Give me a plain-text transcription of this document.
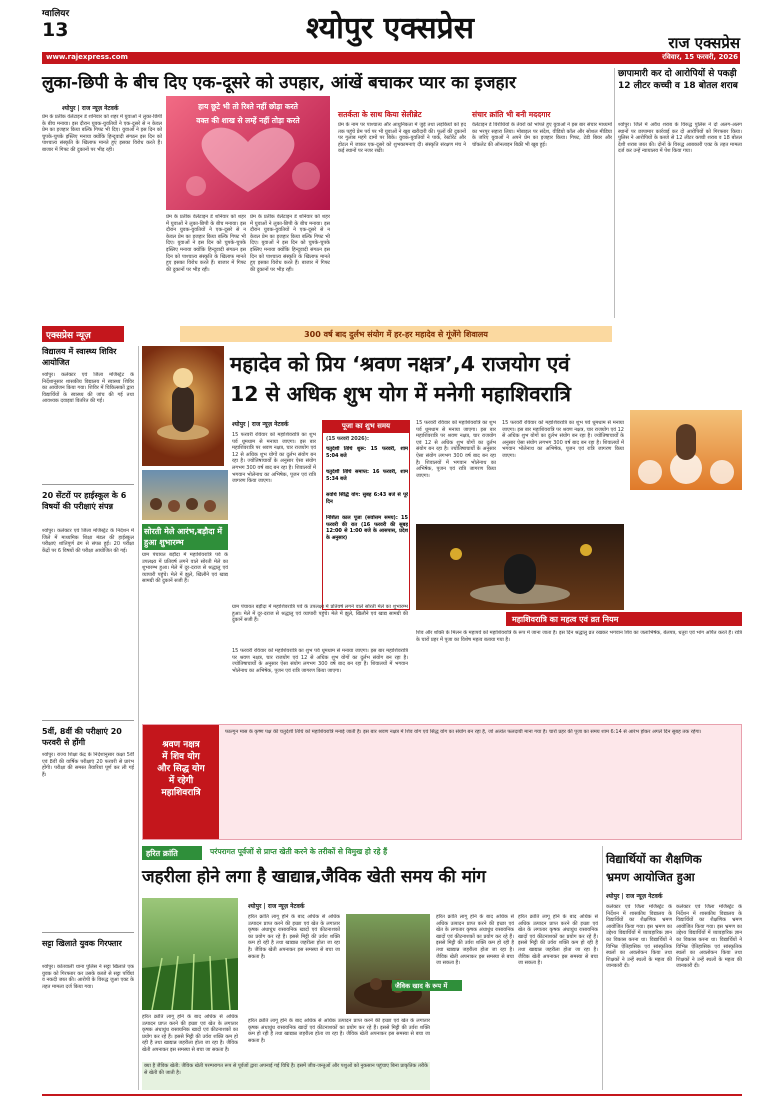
ग्वालियर
13	श्योपुर एक्सप्रेस	राज एक्सप्रेस
www.rajexpress.com	रविवार, 15 फरवरी, 2026
लुका-छिपी के बीच दिए एक-दूसरे को उपहार, आंखें बचाकर प्यार का इजहार
श्योपुर | राज न्यूज़ नेटवर्क
प्रेम के प्रतीक वेलेंटाइन डे शनिवार को शहर में युवाओं ने लुका-छिपी के बीच मनाया। इस दौरान युवक-युवतियों ने एक-दूसरे से न केवल प्रेम का इजहार किया बल्कि गिफ्ट भी दिए। युवाओं ने इस दिन को चुपके-चुपके इस्लिए मनाया क्योंकि हिन्दूवादी संगठन इस दिन को पाश्चात्य संस्कृति के खिलाफ मानते हुए इसका विरोध करते हैं। बाजार में गिफ्ट की दुकानों पर भीड़ रही।
हाय छूटे भी तो रिश्ते नहीं छोड़ा करते
वक्त की शाख से लम्हें नहीं तोड़ा करते
प्रेम के प्रतीक वेलेंटाइन डे शनिवार को शहर में युवाओं ने लुका-छिपी के बीच मनाया। इस दौरान युवक-युवतियों ने एक-दूसरे से न केवल प्रेम का इजहार किया बल्कि गिफ्ट भी दिए। युवाओं ने इस दिन को चुपके-चुपके इस्लिए मनाया क्योंकि हिन्दूवादी संगठन इस दिन को पाश्चात्य संस्कृति के खिलाफ मानते हुए इसका विरोध करते हैं। बाजार में गिफ्ट की दुकानों पर भीड़ रही।
प्रेम के प्रतीक वेलेंटाइन डे शनिवार को शहर में युवाओं ने लुका-छिपी के बीच मनाया। इस दौरान युवक-युवतियों ने एक-दूसरे से न केवल प्रेम का इजहार किया बल्कि गिफ्ट भी दिए। युवाओं ने इस दिन को चुपके-चुपके इस्लिए मनाया क्योंकि हिन्दूवादी संगठन इस दिन को पाश्चात्य संस्कृति के खिलाफ मानते हुए इसका विरोध करते हैं। बाजार में गिफ्ट की दुकानों पर भीड़ रही।
सतर्कता के साथ किया सेलीब्रेट
प्रेम के नाम पर पाश्चात्य और आधुनिकता में जुड़े तथा लड़कियों को हद तक पहुंचे प्रेम पर्व पर भी युवाओं ने खूब खरीदारी की। फूलों की दुकानों पर गुलाब महंगे दामों पर बिके। युवक-युवतियों ने पार्क, रेस्टोरेंट और होटल में जाकर एक-दूसरे को शुभकामनाएं दीं। संस्कृति संरक्षण मंच ने कई स्थानों पर नजर रखी।
संचार क्रांति भी बनी मददगार
वेलेंटाइन डे विरोधियों के तेवरों को भांपते हुए युवाओं ने इस बार संचार माध्यमों का भरपूर सहारा लिया। मोबाइल पर संदेश, वीडियो कॉल और सोशल मीडिया के जरिए युवाओं ने अपने प्रेम का इजहार किया। गिफ्ट, टेडी बियर और चॉकलेट की ऑनलाइन बिक्री भी खूब हुई।
छापामारी कर दो आरोपियों से पकड़ी 12 लीटर कच्ची व 18 बोतल शराब
श्योपुर। जिले में अवैध शराब के विरुद्ध पुलिस ने दो अलग-अलग स्थानों पर छापामार कार्रवाई कर दो आरोपियों को गिरफ्तार किया। पुलिस ने आरोपियों के कब्जे से 12 लीटर कच्ची शराब व 18 बोतल देशी शराब जब्त की। दोनों के विरुद्ध आबकारी एक्ट के तहत मामला दर्ज कर उन्हें न्यायालय में पेश किया गया।
एक्सप्रेस न्यूज़	300 वर्ष बाद दुर्लभ संयोग में हर-हर महादेव से गूंजेंगे शिवालय
विद्यालय में स्वास्थ्य शिविर आयोजित
श्योपुर। कलेक्टर एवं जिला मजिस्ट्रेट के निर्देशानुसार शासकीय विद्यालय में स्वास्थ्य शिविर का आयोजन किया गया। शिविर में चिकित्सकों द्वारा विद्यार्थियों के स्वास्थ्य की जांच की गई तथा आवश्यक दवाइयां वितरित की गईं।
20 सेंटरों पर हाईस्कूल के 6 विषयों की परीक्षाएं संपन्न
श्योपुर। कलेक्टर एवं जिला मजिस्ट्रेट के निर्देशन में जिले में माध्यमिक शिक्षा मंडल की हाईस्कूल परीक्षाएं शांतिपूर्ण ढंग से संपन्न हुईं। 20 परीक्षा केंद्रों पर 6 विषयों की परीक्षा आयोजित की गई।
5वीं, 8वीं की परीक्षाएं 20 फरवरी से होंगी
श्योपुर। राज्य शिक्षा केंद्र के निर्देशानुसार कक्षा 5वीं एवं 8वीं की वार्षिक परीक्षाएं 20 फरवरी से प्रारंभ होंगी। परीक्षा की समस्त तैयारियां पूर्ण कर ली गई हैं।
सट्टा खिलाते युवक गिरफ्तार
श्योपुर। कोतवाली थाना पुलिस ने सट्टा खिलाते एक युवक को गिरफ्तार कर उसके कब्जे से सट्टा पर्चियां व नकदी जब्त की। आरोपी के विरुद्ध जुआ एक्ट के तहत मामला दर्ज किया गया।
महादेव को प्रिय ‘श्रवण नक्षत्र’,4 राजयोग एवं
12 से अधिक शुभ योग में मनेगी महाशिवरात्रि
श्योपुर | राज न्यूज़ नेटवर्क
15 फरवरी रविवार को महाशिवरात्रि का शुभ पर्व धूमधाम से मनाया जाएगा। इस बार महाशिवरात्रि पर श्रवण नक्षत्र, चार राजयोग एवं 12 से अधिक शुभ योगों का दुर्लभ संयोग बन रहा है। ज्योतिषाचार्यों के अनुसार ऐसा संयोग लगभग 300 वर्ष बाद बन रहा है। शिवालयों में भगवान भोलेनाथ का अभिषेक, पूजन एवं रात्रि जागरण किया जाएगा।
पूजा का शुभ समय
(15 फरवरी 2026):
चतुर्दशी तिथि शुरू: 15 फरवरी, शाम 5:04 बजे
चतुर्दशी तिथि समाप्त: 16 फरवरी, शाम 5:34 बजे
सर्वार्थ सिद्धि योग: सुबह 6:43 बजे से पूरे दिन
निशिता काल पूजा (सर्वोत्तम समय): 15 फरवरी की रात (16 फरवरी की सुबह 12:00 से 1:00 बजे के आसपास, प्रदेश के अनुसार)
15 फरवरी रविवार को महाशिवरात्रि का शुभ पर्व धूमधाम से मनाया जाएगा। इस बार महाशिवरात्रि पर श्रवण नक्षत्र, चार राजयोग एवं 12 से अधिक शुभ योगों का दुर्लभ संयोग बन रहा है। ज्योतिषाचार्यों के अनुसार ऐसा संयोग लगभग 300 वर्ष बाद बन रहा है। शिवालयों में भगवान भोलेनाथ का अभिषेक, पूजन एवं रात्रि जागरण किया जाएगा।
15 फरवरी रविवार को महाशिवरात्रि का शुभ पर्व धूमधाम से मनाया जाएगा। इस बार महाशिवरात्रि पर श्रवण नक्षत्र, चार राजयोग एवं 12 से अधिक शुभ योगों का दुर्लभ संयोग बन रहा है। ज्योतिषाचार्यों के अनुसार ऐसा संयोग लगभग 300 वर्ष बाद बन रहा है। शिवालयों में भगवान भोलेनाथ का अभिषेक, पूजन एवं रात्रि जागरण किया जाएगा।
सोरती मेले आरंभ,बड़ौदा में हुआ शुभारम्भ
ग्राम पंचायत बड़ौदा में महाशिवरात्रि पर्व के उपलक्ष्य में प्रतिवर्ष लगने वाले सोरती मेले का शुभारम्भ हुआ। मेले में दूर-दराज से श्रद्धालु एवं व्यापारी पहुंचे। मेले में झूले, खिलौने एवं खाद्य सामग्री की दुकानें सजी हैं।
ग्राम पंचायत बड़ौदा में महाशिवरात्रि पर्व के उपलक्ष्य में प्रतिवर्ष लगने वाले सोरती मेले का शुभारम्भ हुआ। मेले में दूर-दराज से श्रद्धालु एवं व्यापारी पहुंचे। मेले में झूले, खिलौने एवं खाद्य सामग्री की दुकानें सजी हैं।	महाशिवरात्रि का महत्व एवं व्रत नियम
शिव और शक्ति के मिलन के महापर्व को महाशिवरात्रि के रूप में जाना जाता है। इस दिन श्रद्धालु व्रत रखकर भगवान शिव का जलाभिषेक, बेलपत्र, धतूरा एवं भांग अर्पित करते हैं। रात्रि के चारों प्रहर में पूजा का विशेष महत्व बताया गया है।
15 फरवरी रविवार को महाशिवरात्रि का शुभ पर्व धूमधाम से मनाया जाएगा। इस बार महाशिवरात्रि पर श्रवण नक्षत्र, चार राजयोग एवं 12 से अधिक शुभ योगों का दुर्लभ संयोग बन रहा है। ज्योतिषाचार्यों के अनुसार ऐसा संयोग लगभग 300 वर्ष बाद बन रहा है। शिवालयों में भगवान भोलेनाथ का अभिषेक, पूजन एवं रात्रि जागरण किया जाएगा।
श्रवण नक्षत्र
में शिव योग
और सिद्ध योग
में रहेगी
महाशिवरात्रि
फाल्गुन मास के कृष्ण पक्ष की चतुर्दशी तिथि को महाशिवरात्रि मनाई जाती है। इस बार श्रवण नक्षत्र में शिव योग एवं सिद्ध योग का संयोग बन रहा है, जो अत्यंत फलदायी माना गया है। चारों प्रहर की पूजा का समय शाम 6:14 से आरंभ होकर अगले दिन सुबह तक रहेगा।
हरित क्रांति	परंपरागत पूर्वजों से प्राप्त खेती करने के तरीकों से विमुख हो रहे हैं
जहरीला होने लगा है खाद्यान्न,जैविक खेती समय की मांग
श्योपुर | राज न्यूज़ नेटवर्क
हरित क्रांति लागू होने के बाद अधिक से अधिक उत्पादन प्राप्त करने की इच्छा एवं खेत के लगातार कृषक अंधाधुंध रासायनिक खादों एवं कीटनाशकों का प्रयोग कर रहे हैं। इससे मिट्टी की उर्वरा शक्ति कम हो रही है तथा खाद्यान्न जहरीला होता जा रहा है। जैविक खेती अपनाकर इस समस्या से बचा जा सकता है।
जैविक खाद के रूप में
हरित क्रांति लागू होने के बाद अधिक से अधिक उत्पादन प्राप्त करने की इच्छा एवं खेत के लगातार कृषक अंधाधुंध रासायनिक खादों एवं कीटनाशकों का प्रयोग कर रहे हैं। इससे मिट्टी की उर्वरा शक्ति कम हो रही है तथा खाद्यान्न जहरीला होता जा रहा है। जैविक खेती अपनाकर इस समस्या से बचा जा सकता है।
हरित क्रांति लागू होने के बाद अधिक से अधिक उत्पादन प्राप्त करने की इच्छा एवं खेत के लगातार कृषक अंधाधुंध रासायनिक खादों एवं कीटनाशकों का प्रयोग कर रहे हैं। इससे मिट्टी की उर्वरा शक्ति कम हो रही है तथा खाद्यान्न जहरीला होता जा रहा है। जैविक खेती अपनाकर इस समस्या से बचा जा सकता है।
हरित क्रांति लागू होने के बाद अधिक से अधिक उत्पादन प्राप्त करने की इच्छा एवं खेत के लगातार कृषक अंधाधुंध रासायनिक खादों एवं कीटनाशकों का प्रयोग कर रहे हैं। इससे मिट्टी की उर्वरा शक्ति कम हो रही है तथा खाद्यान्न जहरीला होता जा रहा है। जैविक खेती अपनाकर इस समस्या से बचा जा सकता है।
क्या है जैविक खेती: जैविक खेती परम्परागत रूप से पूर्वजों द्वारा अपनाई गई विधि है। इसमें जीव-जन्तुओं और पशुओं को नुकसान पहुंचाए बिना प्राकृतिक तरीके से खेती की जाती है।
हरित क्रांति लागू होने के बाद अधिक से अधिक उत्पादन प्राप्त करने की इच्छा एवं खेत के लगातार कृषक अंधाधुंध रासायनिक खादों एवं कीटनाशकों का प्रयोग कर रहे हैं। इससे मिट्टी की उर्वरा शक्ति कम हो रही है तथा खाद्यान्न जहरीला होता जा रहा है। जैविक खेती अपनाकर इस समस्या से बचा जा सकता है।
विद्यार्थियों का शैक्षणिक
भ्रमण आयोजित हुआ
श्योपुर | राज न्यूज़ नेटवर्क
कलेक्टर एवं जिला मजिस्ट्रेट के निर्देशन में शासकीय विद्यालय के विद्यार्थियों का शैक्षणिक भ्रमण आयोजित किया गया। इस भ्रमण का उद्देश्य विद्यार्थियों में व्यावहारिक ज्ञान का विकास करना था। विद्यार्थियों ने विभिन्न ऐतिहासिक एवं सांस्कृतिक स्थलों का अवलोकन किया तथा शिक्षकों ने उन्हें स्थलों के महत्व की जानकारी दी।
कलेक्टर एवं जिला मजिस्ट्रेट के निर्देशन में शासकीय विद्यालय के विद्यार्थियों का शैक्षणिक भ्रमण आयोजित किया गया। इस भ्रमण का उद्देश्य विद्यार्थियों में व्यावहारिक ज्ञान का विकास करना था। विद्यार्थियों ने विभिन्न ऐतिहासिक एवं सांस्कृतिक स्थलों का अवलोकन किया तथा शिक्षकों ने उन्हें स्थलों के महत्व की जानकारी दी।
